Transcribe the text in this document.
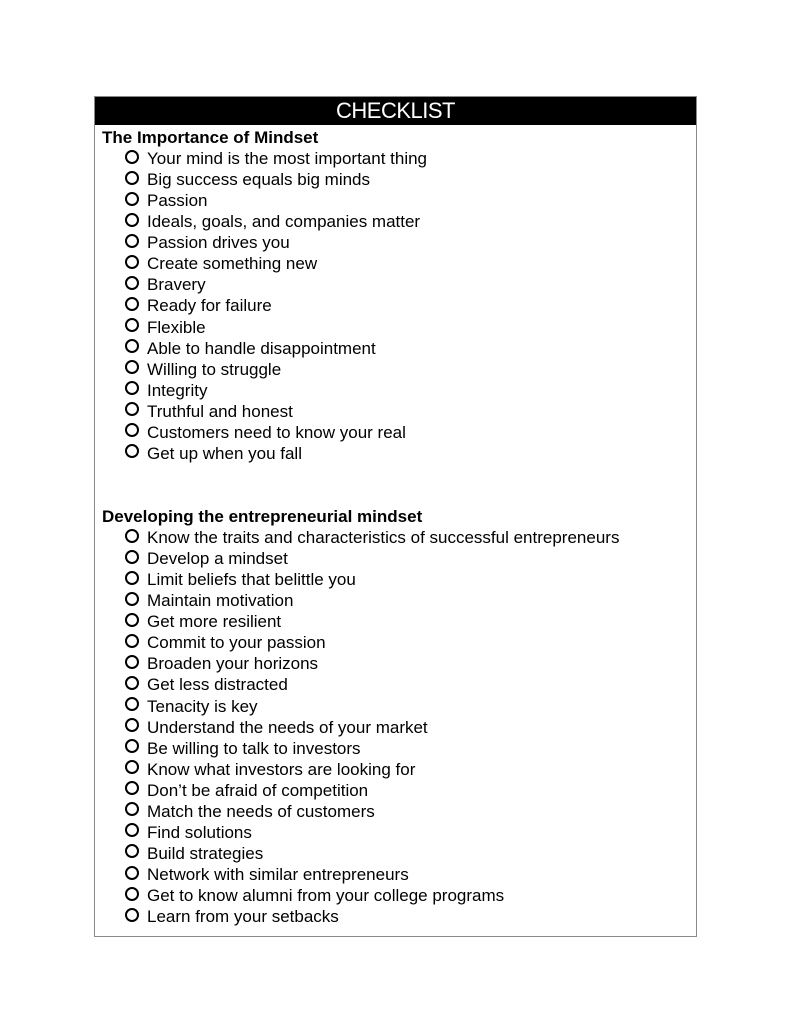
CHECKLIST
The Importance of Mindset
Your mind is the most important thing
Big success equals big minds
Passion
Ideals, goals, and companies matter
Passion drives you
Create something new
Bravery
Ready for failure
Flexible
Able to handle disappointment
Willing to struggle
Integrity
Truthful and honest
Customers need to know your real
Get up when you fall
Developing the entrepreneurial mindset
Know the traits and characteristics of successful entrepreneurs
Develop a mindset
Limit beliefs that belittle you
Maintain motivation
Get more resilient
Commit to your passion
Broaden your horizons
Get less distracted
Tenacity is key
Understand the needs of your market
Be willing to talk to investors
Know what investors are looking for
Don’t be afraid of competition
Match the needs of customers
Find solutions
Build strategies
Network with similar entrepreneurs
Get to know alumni from your college programs
Learn from your setbacks
